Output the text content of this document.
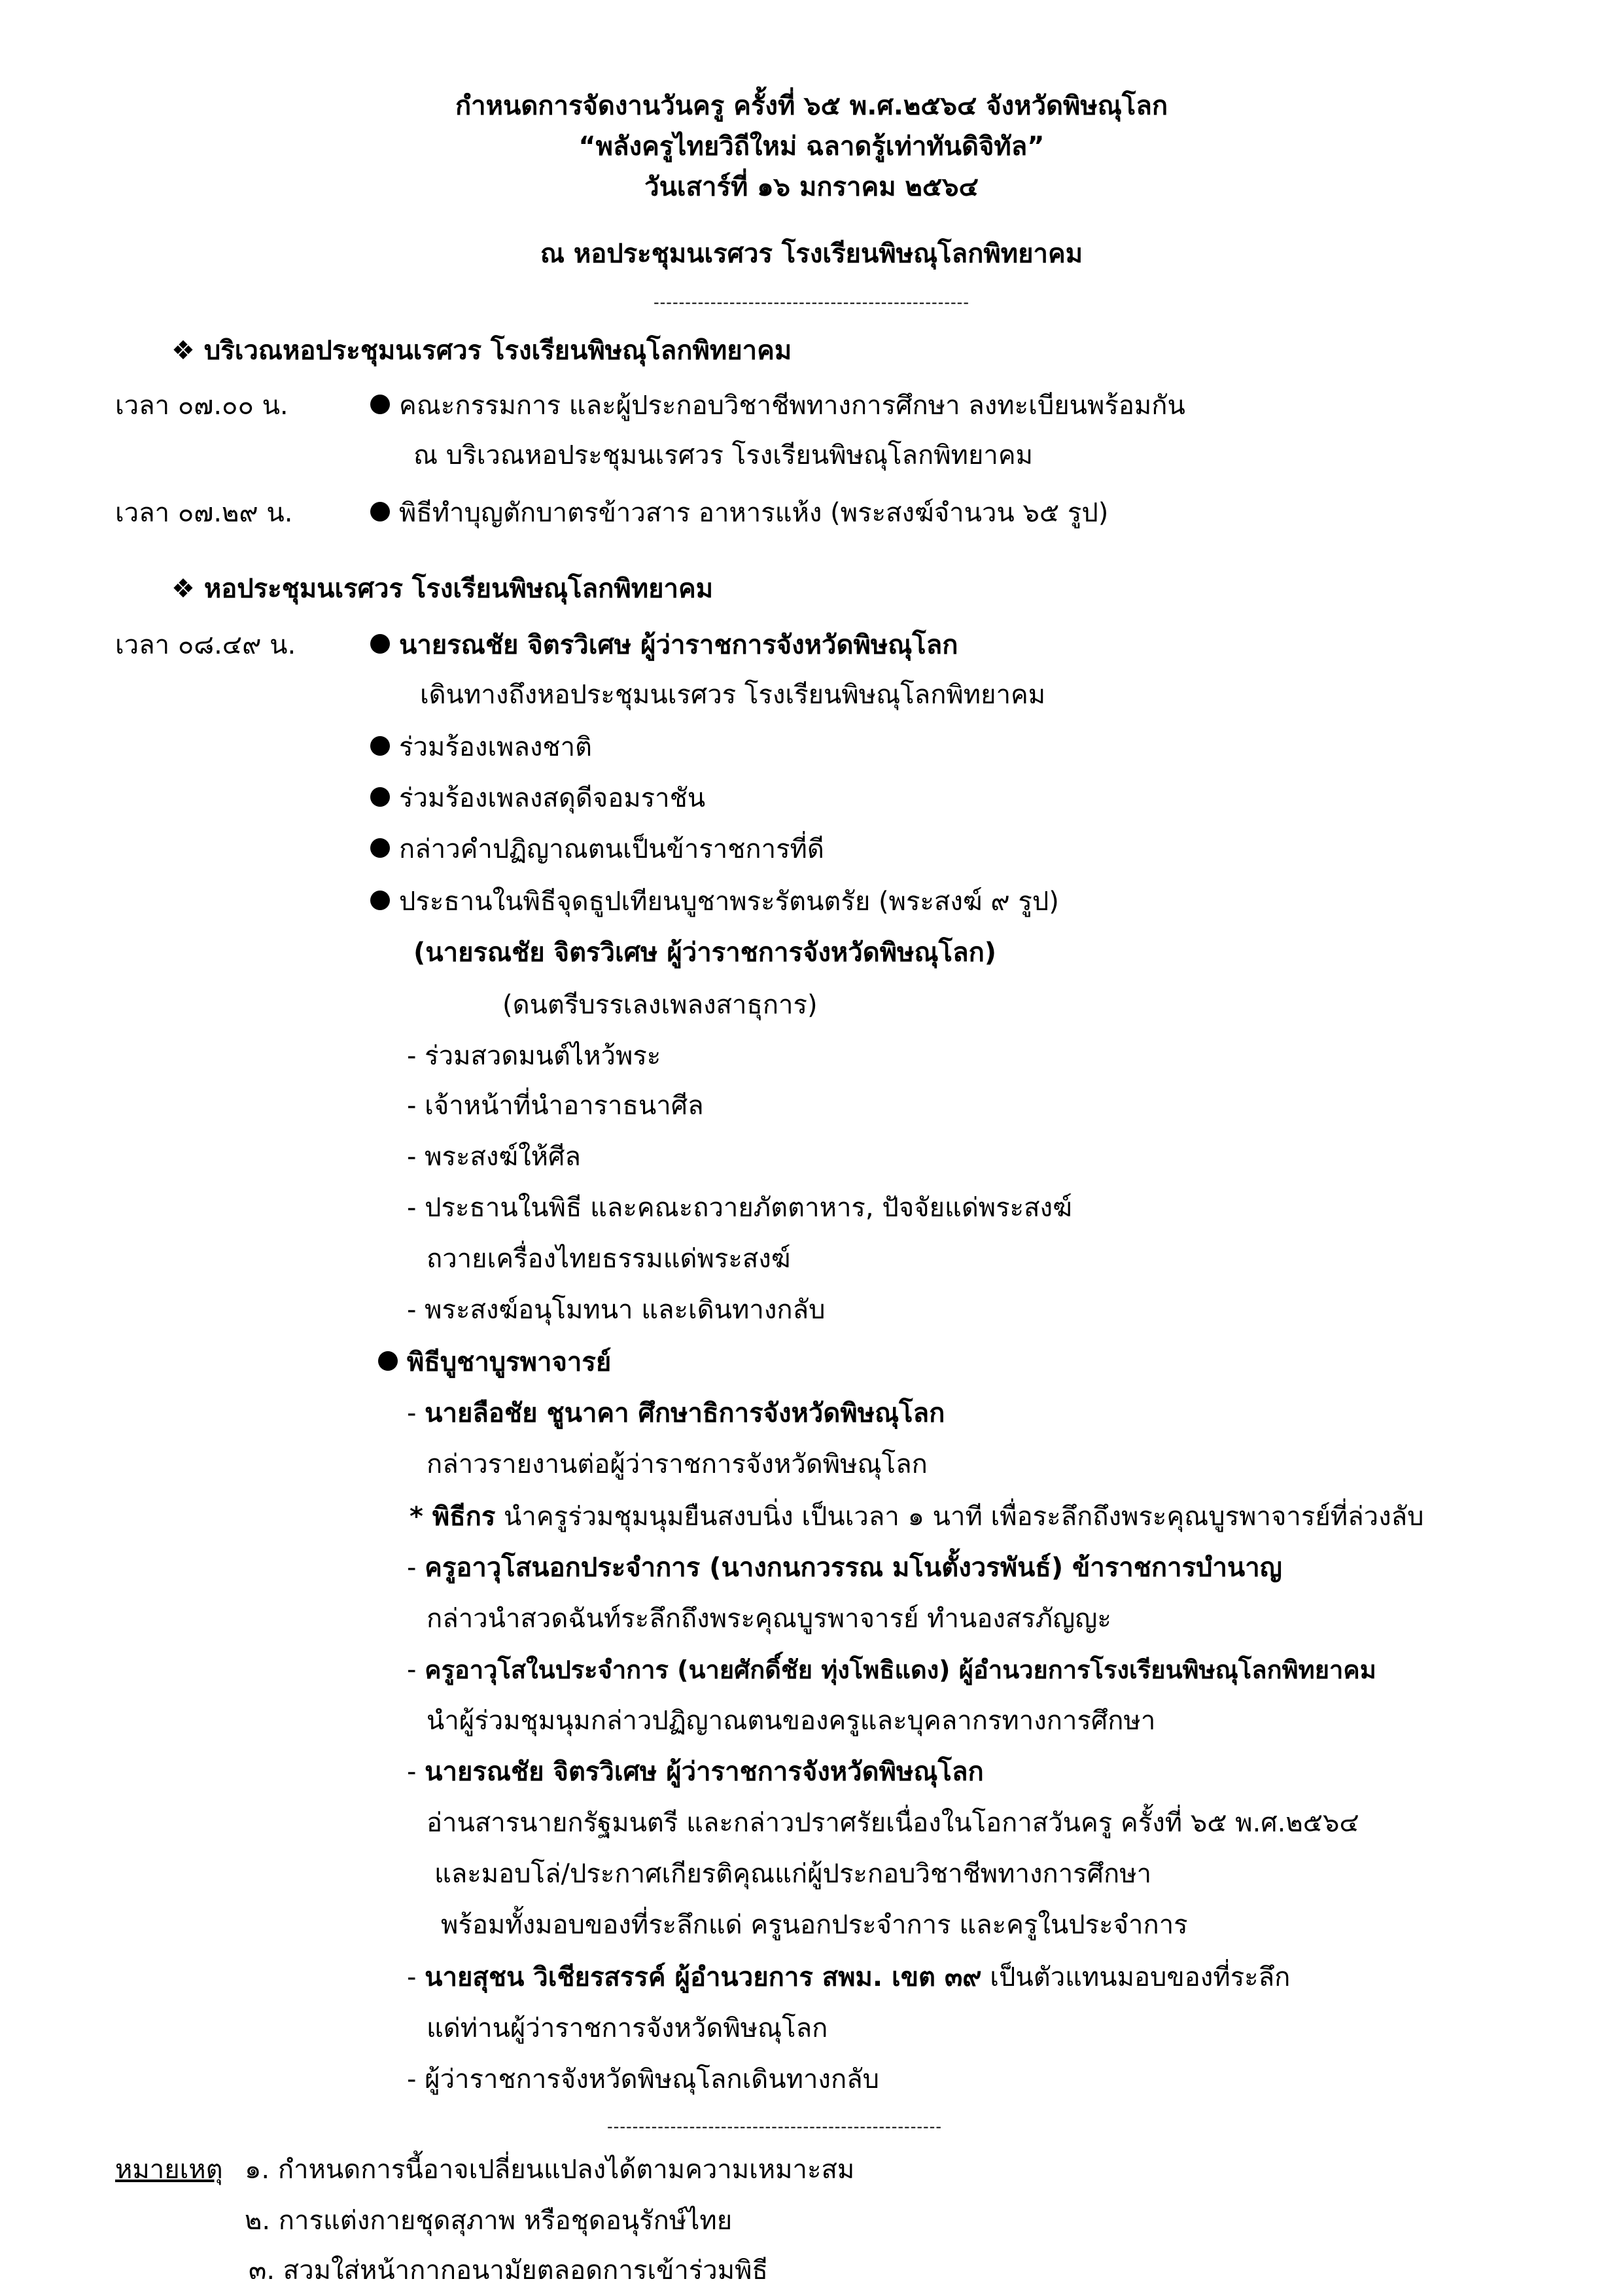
กำหนดการจัดงานวันครู ครั้งที่ ๖๕ พ.ศ.๒๕๖๔ จังหวัดพิษณุโลก
“พลังครูไทยวิถีใหม่ ฉลาดรู้เท่าทันดิจิทัล”
วันเสาร์ที่ ๑๖ มกราคม ๒๕๖๔
ณ หอประชุมนเรศวร โรงเรียนพิษณุโลกพิทยาคม
--------------------------------------------------
❖ บริเวณหอประชุมนเรศวร โรงเรียนพิษณุโลกพิทยาคม
เวลา ๐๗.๐๐ น.	คณะกรรมการ และผู้ประกอบวิชาชีพทางการศึกษา ลงทะเบียนพร้อมกัน
ณ บริเวณหอประชุมนเรศวร โรงเรียนพิษณุโลกพิทยาคม
เวลา ๐๗.๒๙ น.	พิธีทำบุญตักบาตรข้าวสาร อาหารแห้ง (พระสงฆ์จำนวน ๖๕ รูป)
❖ หอประชุมนเรศวร โรงเรียนพิษณุโลกพิทยาคม
เวลา ๐๘.๔๙ น.	นายรณชัย จิตรวิเศษ ผู้ว่าราชการจังหวัดพิษณุโลก
เดินทางถึงหอประชุมนเรศวร โรงเรียนพิษณุโลกพิทยาคม
ร่วมร้องเพลงชาติ
ร่วมร้องเพลงสดุดีจอมราชัน
กล่าวคำปฏิญาณตนเป็นข้าราชการที่ดี
ประธานในพิธีจุดธูปเทียนบูชาพระรัตนตรัย (พระสงฆ์ ๙ รูป)
(นายรณชัย จิตรวิเศษ ผู้ว่าราชการจังหวัดพิษณุโลก)
(ดนตรีบรรเลงเพลงสาธุการ)
- ร่วมสวดมนต์ไหว้พระ
- เจ้าหน้าที่นำอาราธนาศีล
- พระสงฆ์ให้ศีล
- ประธานในพิธี และคณะถวายภัตตาหาร, ปัจจัยแด่พระสงฆ์
ถวายเครื่องไทยธรรมแด่พระสงฆ์
- พระสงฆ์อนุโมทนา และเดินทางกลับ
พิธีบูชาบูรพาจารย์
- นายลือชัย ชูนาคา ศึกษาธิการจังหวัดพิษณุโลก
กล่าวรายงานต่อผู้ว่าราชการจังหวัดพิษณุโลก
* พิธีกร นำครูร่วมชุมนุมยืนสงบนิ่ง เป็นเวลา ๑ นาที เพื่อระลึกถึงพระคุณบูรพาจารย์ที่ล่วงลับ
- ครูอาวุโสนอกประจำการ (นางกนกวรรณ มโนตั้งวรพันธ์) ข้าราชการบำนาญ
กล่าวนำสวดฉันท์ระลึกถึงพระคุณบูรพาจารย์ ทำนองสรภัญญะ
- ครูอาวุโสในประจำการ (นายศักดิ์ชัย ทุ่งโพธิแดง) ผู้อำนวยการโรงเรียนพิษณุโลกพิทยาคม
นำผู้ร่วมชุมนุมกล่าวปฏิญาณตนของครูและบุคลากรทางการศึกษา
- นายรณชัย จิตรวิเศษ ผู้ว่าราชการจังหวัดพิษณุโลก
อ่านสารนายกรัฐมนตรี และกล่าวปราศรัยเนื่องในโอกาสวันครู ครั้งที่ ๖๕ พ.ศ.๒๕๖๔
และมอบโล่/ประกาศเกียรติคุณแก่ผู้ประกอบวิชาชีพทางการศึกษา
พร้อมทั้งมอบของที่ระลึกแด่ ครูนอกประจำการ และครูในประจำการ
- นายสุชน วิเชียรสรรค์ ผู้อำนวยการ สพม. เขต ๓๙ เป็นตัวแทนมอบของที่ระลึก
แด่ท่านผู้ว่าราชการจังหวัดพิษณุโลก
- ผู้ว่าราชการจังหวัดพิษณุโลกเดินทางกลับ
-----------------------------------------------------
หมายเหตุ ๑. กำหนดการนี้อาจเปลี่ยนแปลงได้ตามความเหมาะสม
๒. การแต่งกายชุดสุภาพ หรือชุดอนุรักษ์ไทย
๓. สวมใส่หน้ากากอนามัยตลอดการเข้าร่วมพิธี
